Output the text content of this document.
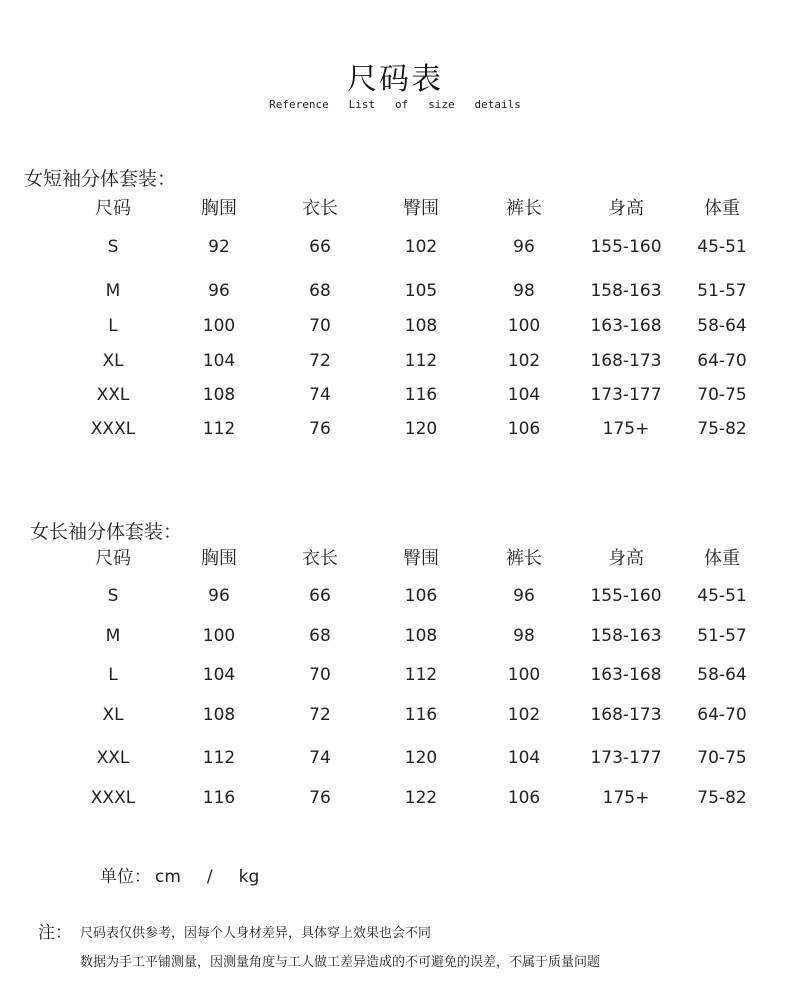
尺码表
Reference   List   of   size   details
女短袖分体套装：
尺码	胸围	衣长	臀围	裤长	身高	体重
S	92	66	102	96	155-160 45-51
M	96	68	105	98	158-163 51-57
L	100	70	108	100	163-168 58-64
XL	104	72	112	102	168-173 64-70
XXL	108	74	116	104	173-177 70-75
XXXL	112	76	120	106	175+	75-82
女长袖分体套装：
尺码	胸围	衣长	臀围	裤长	身高	体重
S	96	66	106	96	155-160 45-51
M	100	68	108	98	158-163 51-57
L	104	70	112	100	163-168 58-64
XL	108	72	116	102	168-173 64-70
XXL	112	74	120	104	173-177 70-75
XXXL	116	76	122	106	175+	75-82
单位： cm / kg
注： 尺码表仅供参考，因每个人身材差异，具体穿上效果也会不同
数据为手工平铺测量，因测量角度与工人做工差异造成的不可避免的误差，不属于质量问题
